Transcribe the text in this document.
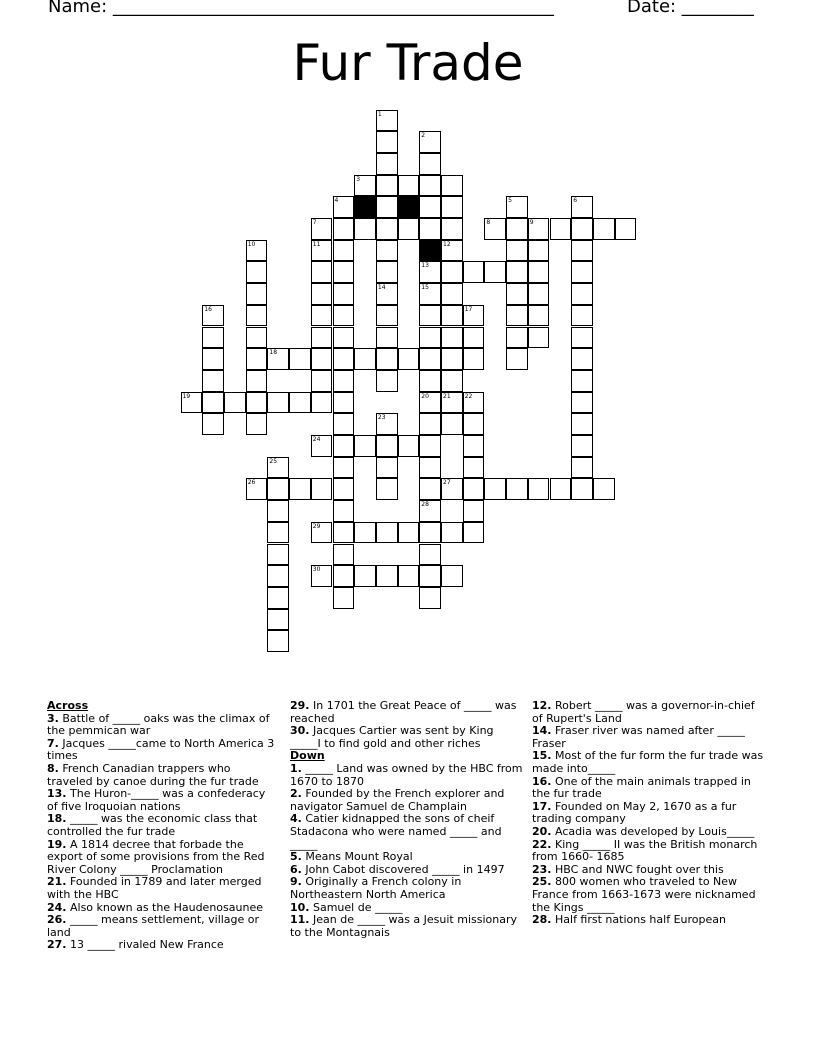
Name: _________________________________________________	Date: ________
Fur Trade
1
2
3
4
7	8	9
5	6
10	11	12
13
14	15
16	17
18
19	20 21 22
23
24
25
26	27
28
29
30
Across
3. Battle of _____ oaks was the climax of the pemmican war
7. Jacques _____came to North America 3 times
8. French Canadian trappers who traveled by canoe during the fur trade
13. The Huron-_____ was a confederacy of five Iroquoian nations
18. _____ was the economic class that controlled the fur trade
19. A 1814 decree that forbade the export of some provisions from the Red River Colony _____ Proclamation
21. Founded in 1789 and later merged with the HBC
24. Also known as the Haudenosaunee
26. _____ means settlement, village or land
27. 13 _____ rivaled New France
29. In 1701 the Great Peace of _____ was reached
30. Jacques Cartier was sent by King _____I to find gold and other riches
Down
1. _____ Land was owned by the HBC from 1670 to 1870
2. Founded by the French explorer and navigator Samuel de Champlain
4. Catier kidnapped the sons of cheif Stadacona who were named _____ and _____
5. Means Mount Royal
6. John Cabot discovered _____ in 1497
9. Originally a French colony in Northeastern North America
10. Samuel de _____
11. Jean de _____ was a Jesuit missionary to the Montagnais
12. Robert _____ was a governor-in-chief of Rupert's Land
14. Fraser river was named after _____ Fraser
15. Most of the fur form the fur trade was made into_____
16. One of the main animals trapped in the fur trade
17. Founded on May 2, 1670 as a fur trading company
20. Acadia was developed by Louis_____
22. King _____ II was the British monarch from 1660- 1685
23. HBC and NWC fought over this
25. 800 women who traveled to New France from 1663-1673 were nicknamed the Kings _____
28. Half first nations half European
